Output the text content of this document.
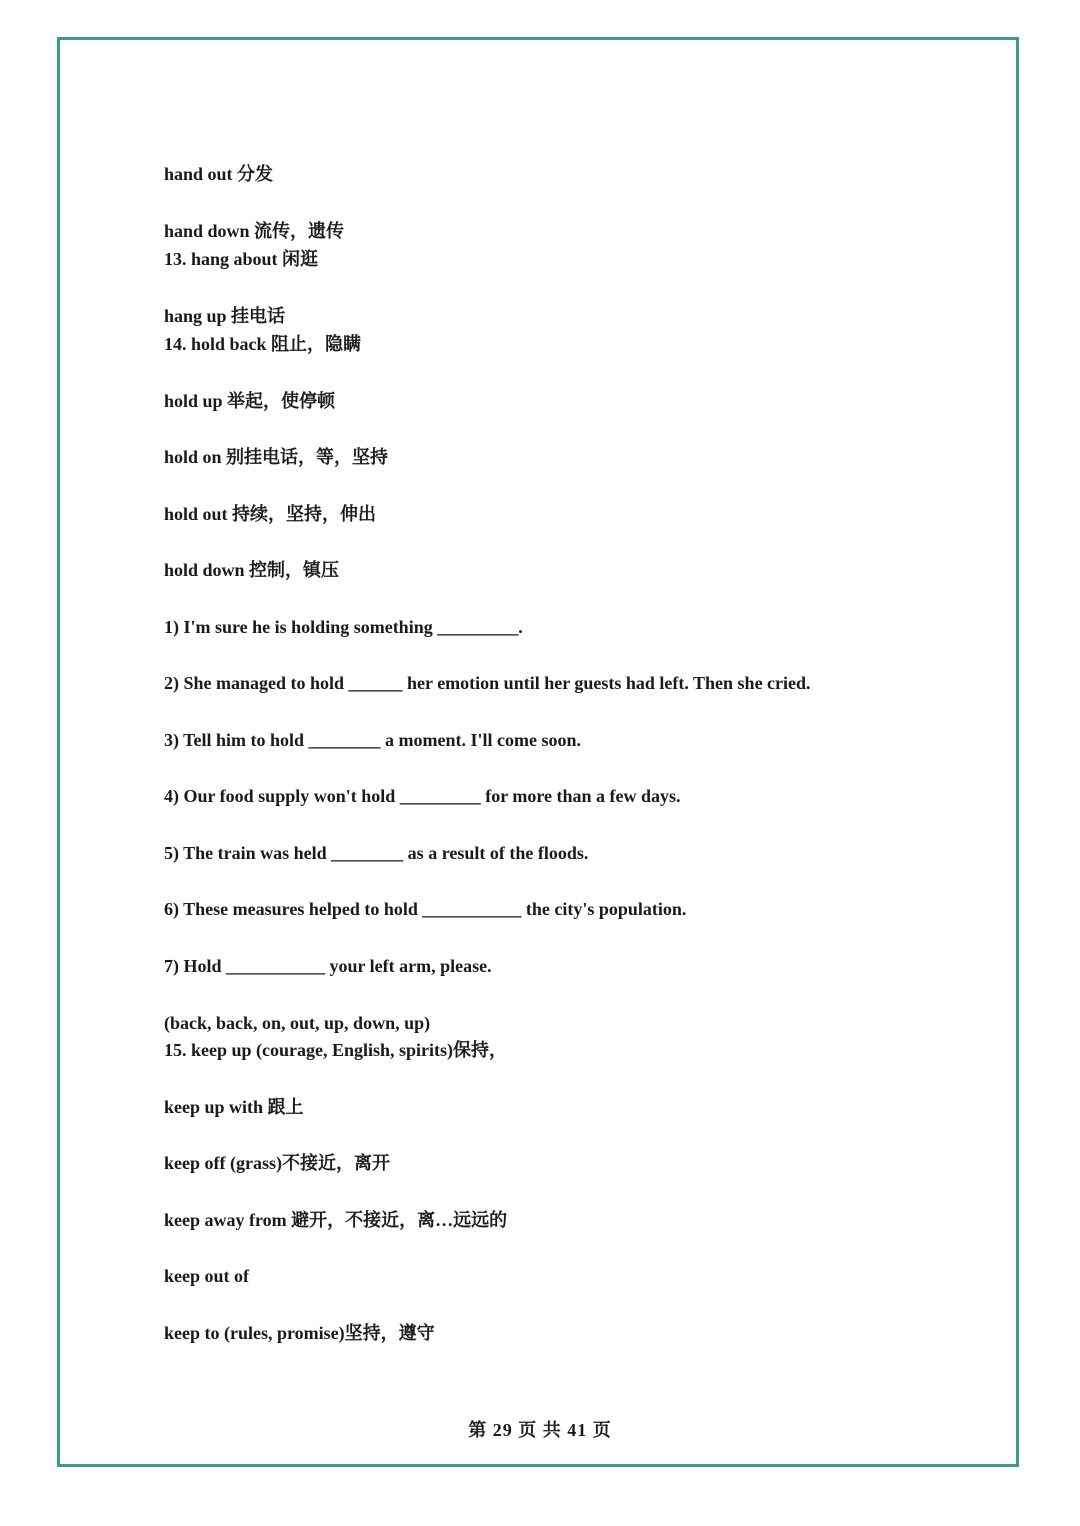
hand out 分发
hand down 流传，遗传
13. hang about 闲逛
hang up 挂电话
14. hold back 阻止，隐瞒
hold up 举起，使停顿
hold on 别挂电话，等，坚持
hold out 持续，坚持，伸出
hold down 控制，镇压
1) I'm sure he is holding something _________.
2) She managed to hold ______ her emotion until her guests had left. Then she cried.
3) Tell him to hold ________ a moment. I'll come soon.
4) Our food supply won't hold _________ for more than a few days.
5) The train was held ________ as a result of the floods.
6) These measures helped to hold ___________ the city's population.
7) Hold ___________ your left arm, please.
(back, back, on, out, up, down, up)
15. keep up (courage, English, spirits)保持，
keep up with 跟上
keep off (grass)不接近，离开
keep away from 避开，不接近，离…远远的
keep out of
keep to (rules, promise)坚持，遵守
第 29 页 共 41 页
